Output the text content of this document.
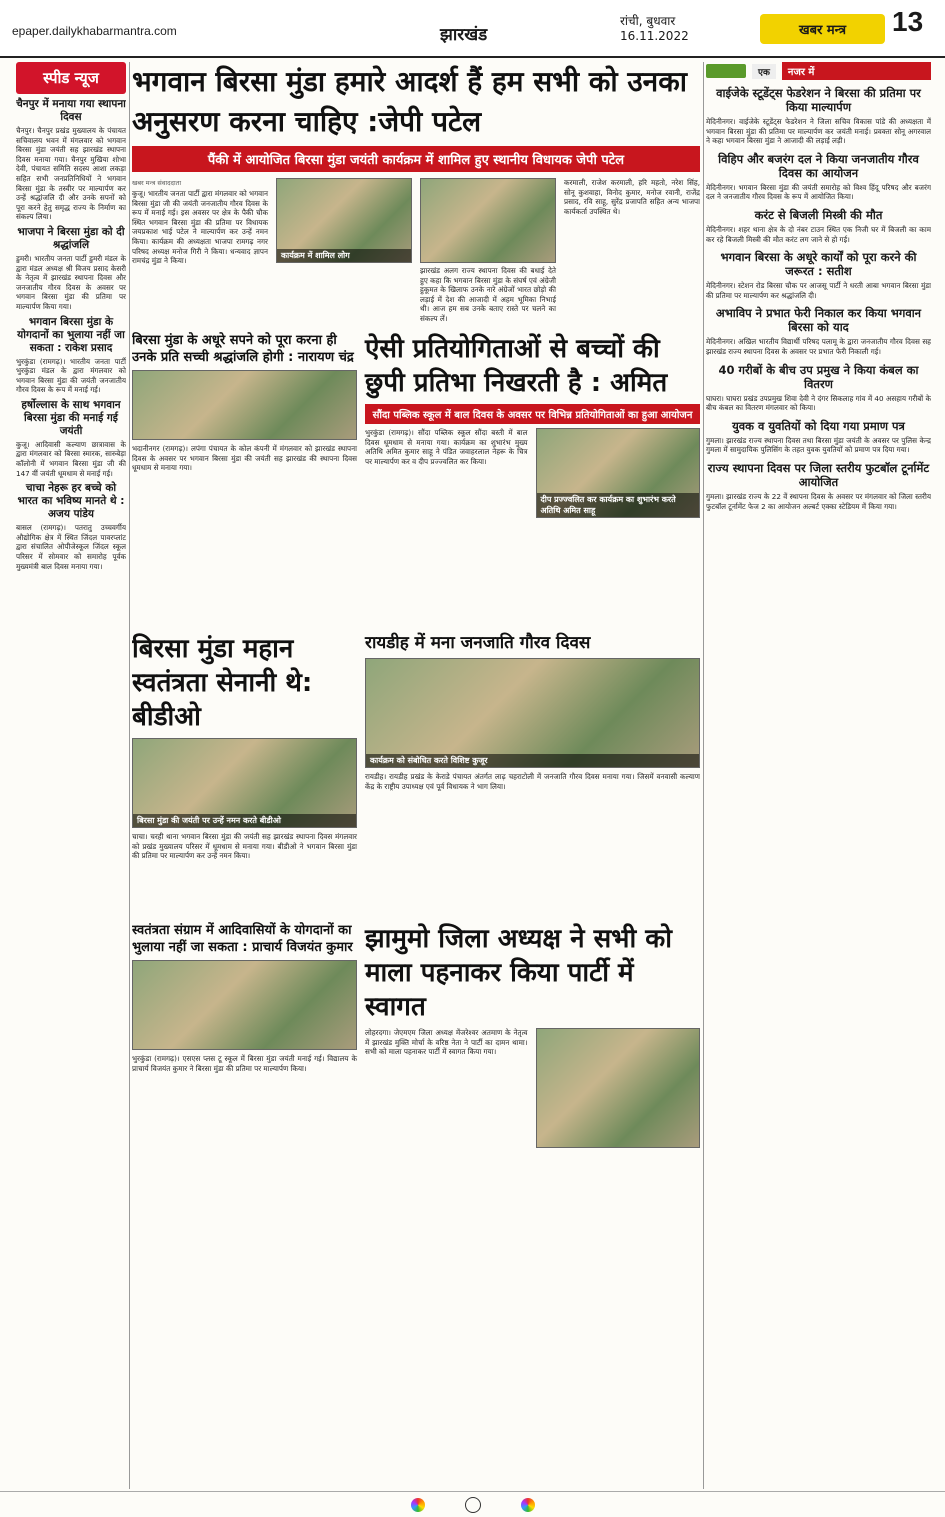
epaper.dailykhabarmantra.com	झारखंड
रांची, बुधवार
16.11.2022	खबर मन्त्र	13
स्पीड न्यूज
चैनपुर में मनाया गया स्थापना दिवस
चैनपुर। चैनपुर प्रखंड मुख्यालय के पंचायत सचिवालय भवन में मंगलवार को भगवान बिरसा मुंडा जयंती सह झारखंड स्थापना दिवस मनाया गया। चैनपुर मुखिया शोभा देवी, पंचायत समिति सदस्य आशा लकड़ा सहित सभी जनप्रतिनिधियों ने भगवान बिरसा मुंडा के तस्वीर पर माल्यार्पण कर उन्हें श्रद्धांजलि दी और उनके सपनों को पूरा करने हेतु समृद्ध राज्य के निर्माण का संकल्प लिया।
भाजपा ने बिरसा मुंडा को दी श्रद्धांजलि
डुमरी। भारतीय जनता पार्टी डुमरी मंडल के द्वारा मंडल अध्यक्ष श्री विजय प्रसाद केसरी के नेतृत्व में झारखंड स्थापना दिवस और जनजातीय गौरव दिवस के अवसर पर भगवान बिरसा मुंडा की प्रतिमा पर माल्यार्पण किया गया।
भगवान बिरसा मुंडा के योगदानों का भुलाया नहीं जा सकता : राकेश प्रसाद
भुरकुंडा (रामगढ़)। भारतीय जनता पार्टी भुरकुंडा मंडल के द्वारा मंगलवार को भगवान बिरसा मुंडा की जयंती जनजातीय गौरव दिवस के रूप में मनाई गई।
हर्षोल्लास के साथ भगवान बिरसा मुंडा की मनाई गई जयंती
कुजू। आदिवासी कल्याण छात्रावास के द्वारा मंगलवार को बिरसा स्मारक, सारुबेड़ा कॉलोनी में भगवान बिरसा मुंडा जी की 147 वीं जयंती धूमधाम से मनाई गई।
चाचा नेहरू हर बच्चे को भारत का भविष्य मानते थे : अजय पांडेय
बासल (रामगढ़)। पतरातु उच्चवर्गीय औद्योगिक क्षेत्र में स्थित जिंदल पावरप्लांट द्वारा संचालित ओपीजेस्कूल जिंदल स्कूल परिसर में सोमवार को समारोह पूर्वक मुख्यमंत्री बाल दिवस मनाया गया।
भगवान बिरसा मुंडा हमारे आदर्श हैं हम सभी को उनका अनुसरण करना चाहिए :जेपी पटेल
पैंकी में आयोजित बिरसा मुंडा जयंती कार्यक्रम में शामिल हुए स्थानीय विधायक जेपी पटेल
खबर मन्त्र संवाददाता
कुजू। भारतीय जनता पार्टी द्वारा मंगलवार को भगवान बिरसा मुंडा जी की जयंती जनजातीय गौरव दिवस के रूप में मनाई गई। इस अवसर पर क्षेत्र के पैकी चौक स्थित भगवान बिरसा मुंडा की प्रतिमा पर विधायक जयप्रकाश भाई पटेल ने माल्यार्पण कर उन्हें नमन किया। कार्यक्रम की अध्यक्षता भाजपा रामगढ़ नगर परिषद अध्यक्ष मनोज गिरी ने किया। धन्यवाद ज्ञापन रामचंद्र मुंडा ने किया।
कार्यक्रम में शामिल लोग
झारखंड अलग राज्य स्थापना दिवस की बधाई देते हुए कहा कि भगवान बिरसा मुंडा के संघर्ष एवं अंग्रेजी हुकूमत के खिलाफ उनके नारे अंग्रेजों भारत छोड़ो की लड़ाई में देश की आजादी में अहम भूमिका निभाई थी। आज हम सब उनके बताए रास्ते पर चलने का संकल्प लें।
करमाली, राजेश करमाली, हरि महतो, नरेश सिंह, सोनू कुशवाहा, विनोद कुमार, मनोज रवानी, राजेंद्र प्रसाद, रवि साहू, सुरेंद्र प्रजापति सहित अन्य भाजपा कार्यकर्ता उपस्थित थे।
बिरसा मुंडा के अधूरे सपने को पूरा करना ही उनके प्रति सच्ची श्रद्धांजलि होगी : नारायण चंद्र
भदानीनगर (रामगढ़)। लपंगा पंचायत के कोल कंपनी में मंगलवार को झारखंड स्थापना दिवस के अवसर पर भगवान बिरसा मुंडा की जयंती सह झारखंड की स्थापना दिवस धूमधाम से मनाया गया।
ऐसी प्रतियोगिताओं से बच्चों की छुपी प्रतिभा निखरती है : अमित
सौंदा पब्लिक स्कूल में बाल दिवस के अवसर पर विभिन्न प्रतियोगिताओं का हुआ आयोजन
भुरकुंडा (रामगढ़)। सौंदा पब्लिक स्कूल सौंदा बस्ती में बाल दिवस धूमधाम से मनाया गया। कार्यक्रम का शुभारंभ मुख्य अतिथि अमित कुमार साहू ने पंडित जवाहरलाल नेहरू के चित्र पर माल्यार्पण कर व दीप प्रज्ज्वलित कर किया।
दीप प्रज्ज्वलित कर कार्यक्रम का शुभारंभ करते अतिथि अमित साहू
बिरसा मुंडा महान स्वतंत्रता सेनानी थे: बीडीओ
बिरसा मुंडा की जयंती पर उन्हें नमन करते बीडीओ
चाचा। चरही थाना भगवान बिरसा मुंडा की जयंती सह झारखंड स्थापना दिवस मंगलवार को प्रखंड मुख्यालय परिसर में धूमधाम से मनाया गया। बीडीओ ने भगवान बिरसा मुंडा की प्रतिमा पर माल्यार्पण कर उन्हें नमन किया।
रायडीह में मना जनजाति गौरव दिवस
कार्यक्रम को संबोधित करते विशिष्ट कुजूर
रायडीह। रायडीह प्रखंड के केराडे पंचायत अंतर्गत लाढ़ चहराटोली में जनजाति गौरव दिवस मनाया गया। जिसमें वनवासी कल्याण केंद्र के राष्ट्रीय उपाध्यक्ष एवं पूर्व विधायक ने भाग लिया।
स्वतंत्रता संग्राम में आदिवासियों के योगदानों का भुलाया नहीं जा सकता : प्राचार्य विजयंत कुमार
भुरकुंडा (रामगढ़)। एसएस प्लस टू स्कूल में बिरसा मुंडा जयंती मनाई गई। विद्यालय के प्राचार्य विजयंत कुमार ने बिरसा मुंडा की प्रतिमा पर माल्यार्पण किया।
झामुमो जिला अध्यक्ष ने सभी को माला पहनाकर किया पार्टी में स्वागत
लोहरदगा। जेएमएम जिला अध्यक्ष मेंजरेश्वर अतमाण के नेतृत्व में झारखंड मुक्ति मोर्चा के वरिष्ठ नेता ने पार्टी का दामन थामा। सभी को माला पहनाकर पार्टी में स्वागत किया गया।
एक	नजर में
वाईजेके स्टूडेंट्स फेडरेशन ने बिरसा की प्रतिमा पर किया माल्यार्पण
मेदिनीनगर। वाईजेके स्टूडेंट्स फेडरेशन ने जिला सचिव विकास पांडे की अध्यक्षता में भगवान बिरसा मुंडा की प्रतिमा पर माल्यार्पण कर जयंती मनाई। प्रवक्ता सोनू अगरवाल ने कहा भगवान बिरसा मुंडा ने आजादी की लड़ाई लड़ी।
विहिप और बजरंग दल ने किया जनजातीय गौरव दिवस का आयोजन
मेदिनीनगर। भगवान बिरसा मुंडा की जयंती समारोह को विश्व हिंदू परिषद और बजरंग दल ने जनजातीय गौरव दिवस के रूप में आयोजित किया।
करंट से बिजली मिस्त्री की मौत
मेदिनीनगर। शहर थाना क्षेत्र के दो नंबर टाउन स्थित एक निजी घर में बिजली का काम कर रहे बिजली मिस्त्री की मौत करंट लग जाने से हो गई।
भगवान बिरसा के अधूरे कार्यों को पूरा करने की जरूरत : सतीश
मेदिनीनगर। स्टेशन रोड बिरसा चौक पर आजसू पार्टी ने धरती आबा भगवान बिरसा मुंडा की प्रतिमा पर माल्यार्पण कर श्रद्धांजलि दी।
अभाविप ने प्रभात फेरी निकाल कर किया भगवान बिरसा को याद
मेदिनीनगर। अखिल भारतीय विद्यार्थी परिषद पलामू के द्वारा जनजातीय गौरव दिवस सह झारखंड राज्य स्थापना दिवस के अवसर पर प्रभात फेरी निकाली गई।
40 गरीबों के बीच उप प्रमुख ने किया कंबल का वितरण
घाघरा। घाघरा प्रखंड उपप्रमुख शिवा देवी ने दंगर सिकलाह गांव में 40 असहाय गरीबों के बीच कंबल का वितरण मंगलवार को किया।
युवक व युवतियों को दिया गया प्रमाण पत्र
गुमला। झारखंड राज्य स्थापना दिवस तथा बिरसा मुंडा जयंती के अवसर पर पुलिस केन्द्र गुमला में सामुदायिक पुलिसिंग के तहत युवक युवतियों को प्रमाण पत्र दिया गया।
राज्य स्थापना दिवस पर जिला स्तरीय फुटबॉल टूर्नामेंट आयोजित
गुमला। झारखंड राज्य के 22 वें स्थापना दिवस के अवसर पर मंगलवार को जिला स्तरीय फुटबॉल टूर्नामेंट फेज 2 का आयोजन अल्बर्ट एक्का स्टेडियम में किया गया।
